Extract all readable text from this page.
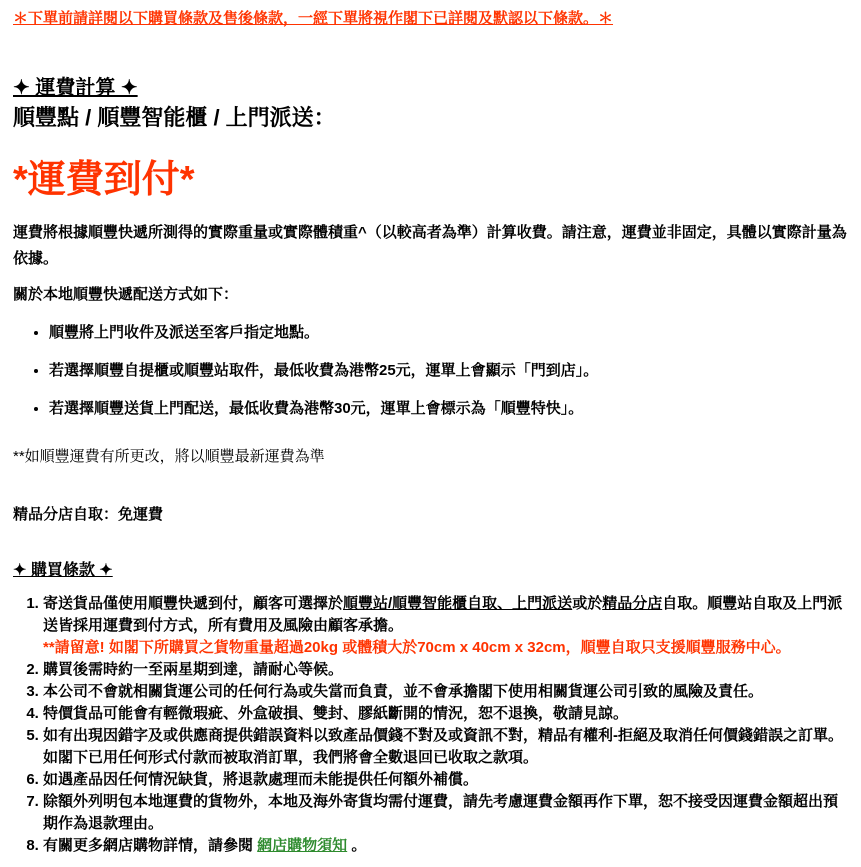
＊下單前請詳閱以下購買條款及售後條款，一經下單將視作閣下已詳閱及默認以下條款。＊
✦ 運費計算 ✦
順豐點 / 順豐智能櫃 / 上門派送：
*運費到付*
運費將根據順豐快遞所測得的實際重量或實際體積重^（以較高者為準）計算收費。請注意，運費並非固定，具體以實際計量為依據。
關於本地順豐快遞配送方式如下：
• 順豐將上門收件及派送至客戶指定地點。
• 若選擇順豐自提櫃或順豐站取件，最低收費為港幣25元，運單上會顯示「門到店」。
• 若選擇順豐送貨上門配送，最低收費為港幣30元，運單上會標示為「順豐特快」。
**如順豐運費有所更改，將以順豐最新運費為準
精品分店自取：免運費
✦ 購買條款 ✦
1. 寄送貨品僅使用順豐快遞到付，顧客可選擇於順豐站/順豐智能櫃自取、上門派送或於精品分店自取。順豐站自取及上門派送皆採用運費到付方式，所有費用及風險由顧客承擔。
**請留意! 如閣下所購買之貨物重量超過20kg 或體積大於70cm x 40cm x 32cm，順豐自取只支援順豐服務中心。
2. 購買後需時約一至兩星期到達，請耐心等候。
3. 本公司不會就相關貨運公司的任何行為或失當而負責，並不會承擔閣下使用相關貨運公司引致的風險及責任。
4. 特價貨品可能會有輕微瑕疵、外盒破損、雙封、膠紙斷開的情況，恕不退換，敬請見諒。
5. 如有出現因錯字及或供應商提供錯誤資料以致產品價錢不對及或資訊不對，精品有權利-拒絕及取消任何價錢錯誤之訂單。如閣下已用任何形式付款而被取消訂單，我們將會全數退回已收取之款項。
6. 如遇產品因任何情況缺貨，將退款處理而未能提供任何額外補償。
7. 除額外列明包本地運費的貨物外，本地及海外寄貨均需付運費，請先考慮運費金額再作下單，恕不接受因運費金額超出預期作為退款理由。
8. 有關更多網店購物詳情，請參閱 網店購物須知 。
